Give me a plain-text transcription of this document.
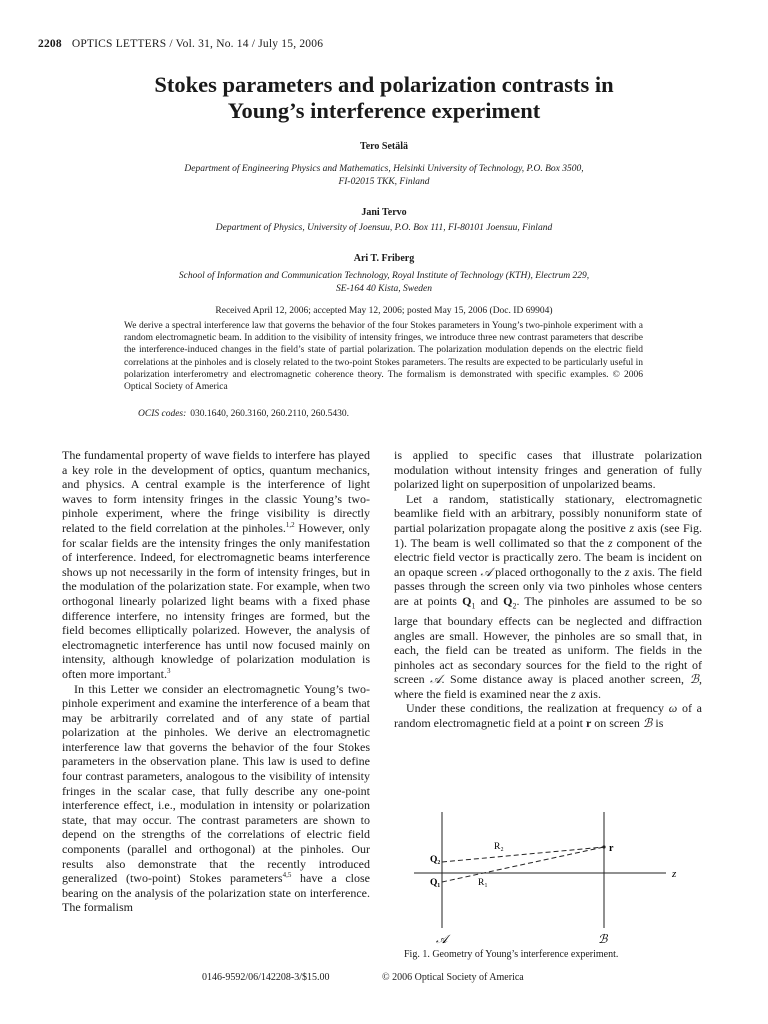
2208 OPTICS LETTERS / Vol. 31, No. 14 / July 15, 2006
Stokes parameters and polarization contrasts in
Young’s interference experiment
Tero Setälä
Department of Engineering Physics and Mathematics, Helsinki University of Technology, P.O. Box 3500,
FI-02015 TKK, Finland
Jani Tervo
Department of Physics, University of Joensuu, P.O. Box 111, FI-80101 Joensuu, Finland
Ari T. Friberg
School of Information and Communication Technology, Royal Institute of Technology (KTH), Electrum 229,
SE-164 40 Kista, Sweden
Received April 12, 2006; accepted May 12, 2006; posted May 15, 2006 (Doc. ID 69904)
We derive a spectral interference law that governs the behavior of the four Stokes parameters in Young’s two-pinhole experiment with a random electromagnetic beam. In addition to the visibility of intensity fringes, we introduce three new contrast parameters that describe the interference-induced changes in the field’s state of partial polarization. The polarization modulation depends on the electric field correlations at the pinholes and is closely related to the two-point Stokes parameters. The results are expected to be particularly useful in polarization interferometry and electromagnetic coherence theory. The formalism is demonstrated with specific examples. © 2006 Optical Society of America
OCIS codes: 030.1640, 260.3160, 260.2110, 260.5430.

The fundamental property of wave fields to interfere has played a key role in the development of optics, quantum mechanics, and physics. A central example is the interference of light waves to form intensity fringes in the classic Young’s two-pinhole experiment, where the fringe visibility is directly related to the field correlation at the pinholes.$^{1,2}$ However, only for scalar fields are the intensity fringes the only manifestation of interference. Indeed, for electromagnetic beams interference shows up not necessarily in the form of intensity fringes, but in the modulation of the polarization state. For example, when two orthogonal linearly polarized light beams with a fixed phase difference interfere, no intensity fringes are formed, but the field becomes elliptically polarized. However, the analysis of electromagnetic interference has until now focused mainly on intensity, although knowledge of polarization modulation is often more important.$^3$

In this Letter we consider an electromagnetic Young’s two-pinhole experiment and examine the interference of a beam that may be arbitrarily correlated and of any state of partial polarization at the pinholes. We derive an electromagnetic interference law that governs the behavior of the four Stokes parameters in the observation plane. This law is used to define four contrast parameters, analogous to the visibility of intensity fringes in the scalar case, that fully describe any one-point interference effect, i.e., modulation in intensity or polarization state, that may occur. The contrast parameters are shown to depend on the strengths of the correlations of electric field components (parallel and orthogonal) at the pinholes. Our results also demonstrate that the recently introduced generalized (two-point) Stokes parameters$^{4,5}$ have a close bearing on the analysis of the polarization state on interference. The formalism

is applied to specific cases that illustrate polarization modulation without intensity fringes and generation of fully polarized light on superposition of unpolarized beams.

Let a random, statistically stationary, electromagnetic beamlike field with an arbitrary, possibly nonuniform state of partial polarization propagate along the positive z axis (see Fig. 1). The beam is well collimated so that the z component of the electric field vector is practically zero. The beam is incident on an opaque screen 𝒜 placed orthogonally to the z axis. The field passes through the screen only via two pinholes whose centers are at points $Q_1$ and $Q_2$. The pinholes are assumed to be so large that boundary effects can be neglected and diffraction angles are small. However, the pinholes are so small that, in each, the field can be treated as uniform. The fields in the pinholes act as secondary sources for the field to the right of screen 𝒜. Some distance away is placed another screen, ℬ, where the field is examined near the z axis.

Under these conditions, the realization at frequency ω of a random electromagnetic field at a point r on screen ℬ is

Q₂
Q₁
R₂
R₁
r
z
𝒜	ℬ
Fig. 1. Geometry of Young’s interference experiment.
0146-9592/06/142208-3/$15.00	© 2006 Optical Society of America
